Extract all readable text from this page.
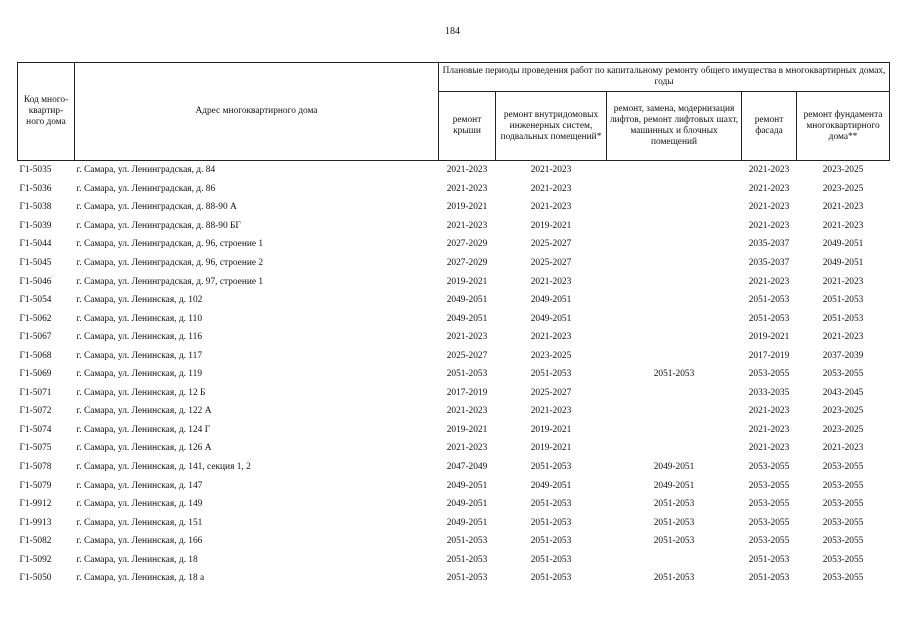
184
Код много-квартир-ного дома	Адрес многоквартирного дома	Плановые периоды проведения работ по капитальному ремонту общего имущества в многоквартирных домах, годы				
		ремонт крыши	ремонт внутридомовых инженерных систем, подвальных помещений*	ремонт, замена, модернизация лифтов, ремонт лифтовых шахт, машинных и блочных помещений	ремонт фасада	ремонт фундамента многоквартирного дома**
Г1-5035	г. Самара, ул. Ленинградская, д. 84	2021-2023	2021-2023		2021-2023	2023-2025
Г1-5036	г. Самара, ул. Ленинградская, д. 86	2021-2023	2021-2023		2021-2023	2023-2025
Г1-5038	г. Самара, ул. Ленинградская, д. 88-90 А	2019-2021	2021-2023		2021-2023	2021-2023
Г1-5039	г. Самара, ул. Ленинградская, д. 88-90 БГ	2021-2023	2019-2021		2021-2023	2021-2023
Г1-5044	г. Самара, ул. Ленинградская, д. 96, строение 1	2027-2029	2025-2027		2035-2037	2049-2051
Г1-5045	г. Самара, ул. Ленинградская, д. 96, строение 2	2027-2029	2025-2027		2035-2037	2049-2051
Г1-5046	г. Самара, ул. Ленинградская, д. 97, строение 1	2019-2021	2021-2023		2021-2023	2021-2023
Г1-5054	г. Самара, ул. Ленинская, д. 102	2049-2051	2049-2051		2051-2053	2051-2053
Г1-5062	г. Самара, ул. Ленинская, д. 110	2049-2051	2049-2051		2051-2053	2051-2053
Г1-5067	г. Самара, ул. Ленинская, д. 116	2021-2023	2021-2023		2019-2021	2021-2023
Г1-5068	г. Самара, ул. Ленинская, д. 117	2025-2027	2023-2025		2017-2019	2037-2039
Г1-5069	г. Самара, ул. Ленинская, д. 119	2051-2053	2051-2053	2051-2053	2053-2055	2053-2055
Г1-5071	г. Самара, ул. Ленинская, д. 12 Б	2017-2019	2025-2027		2033-2035	2043-2045
Г1-5072	г. Самара, ул. Ленинская, д. 122 А	2021-2023	2021-2023		2021-2023	2023-2025
Г1-5074	г. Самара, ул. Ленинская, д. 124 Г	2019-2021	2019-2021		2021-2023	2023-2025
Г1-5075	г. Самара, ул. Ленинская, д. 126 А	2021-2023	2019-2021		2021-2023	2021-2023
Г1-5078	г. Самара, ул. Ленинская, д. 141, секция 1, 2	2047-2049	2051-2053	2049-2051	2053-2055	2053-2055
Г1-5079	г. Самара, ул. Ленинская, д. 147	2049-2051	2049-2051	2049-2051	2053-2055	2053-2055
Г1-9912	г. Самара, ул. Ленинская, д. 149	2049-2051	2051-2053	2051-2053	2053-2055	2053-2055
Г1-9913	г. Самара, ул. Ленинская, д. 151	2049-2051	2051-2053	2051-2053	2053-2055	2053-2055
Г1-5082	г. Самара, ул. Ленинская, д. 166	2051-2053	2051-2053	2051-2053	2053-2055	2053-2055
Г1-5092	г. Самара, ул. Ленинская, д. 18	2051-2053	2051-2053		2051-2053	2053-2055
Г1-5050	г. Самара, ул. Ленинская, д. 18 а	2051-2053	2051-2053	2051-2053	2051-2053	2053-2055
